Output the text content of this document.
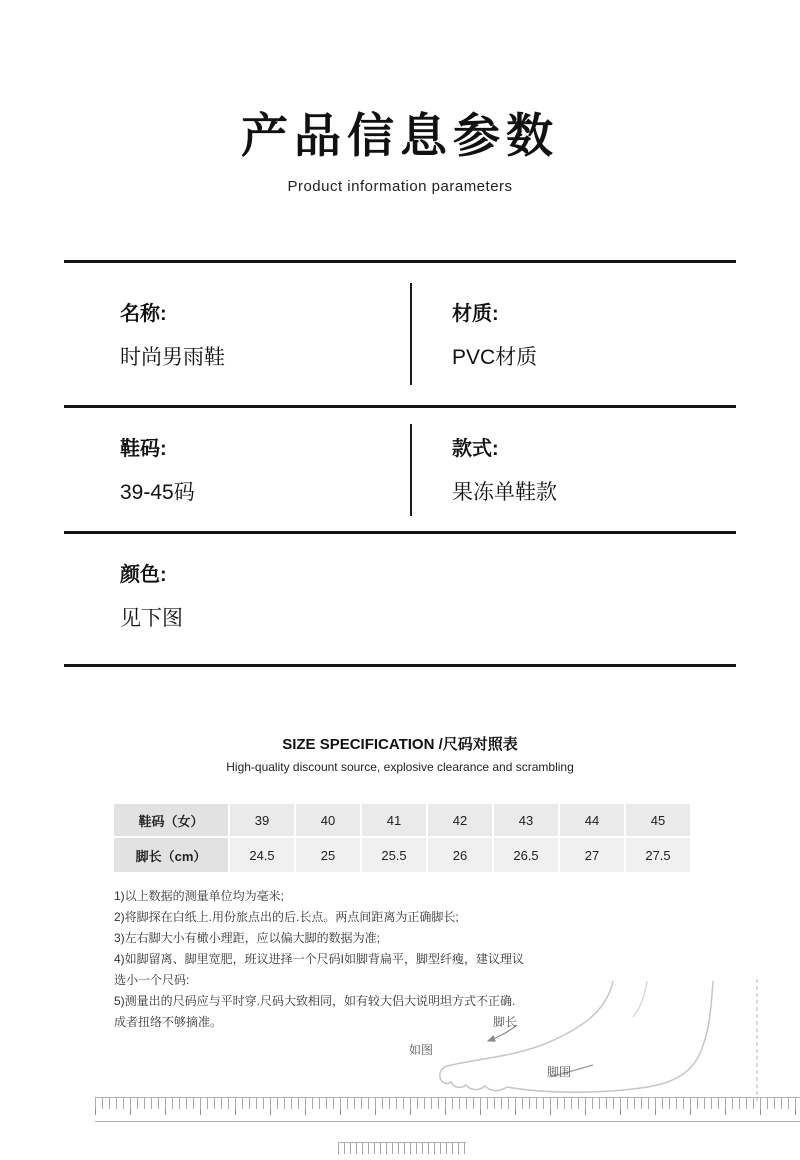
产品信息参数

Product information parameters

名称:
时尚男雨鞋
材质:
PVC材质
鞋码:
39-45码
款式:
果冻单鞋款
颜色:
见下图
SIZE SPECIFICATION /尺码对照表
High-quality discount source, explosive clearance and scrambling
鞋码（女）	39	40	41	42	43	44	45
脚长（cm）	24.5	25	25.5	26	26.5	27	27.5
1)以上数据的测量单位均为毫米;
2)将脚探在白纸上.用份旅点出的后.长点。两点间距离为正确脚长;
3)左右脚大小有橄小理距，应以偏大脚的数据为准;
4)如脚留离、脚里宽肥，班议进择一个尺码I如脚背扁平，脚型纤瘦，建议理议选小一个尺码:
5)测量出的尺码应与平时穿.尺码大致相同，如有较大侣大说明坦方式不正确.成者扭络不够摘准。	脚长
如图
脚围
